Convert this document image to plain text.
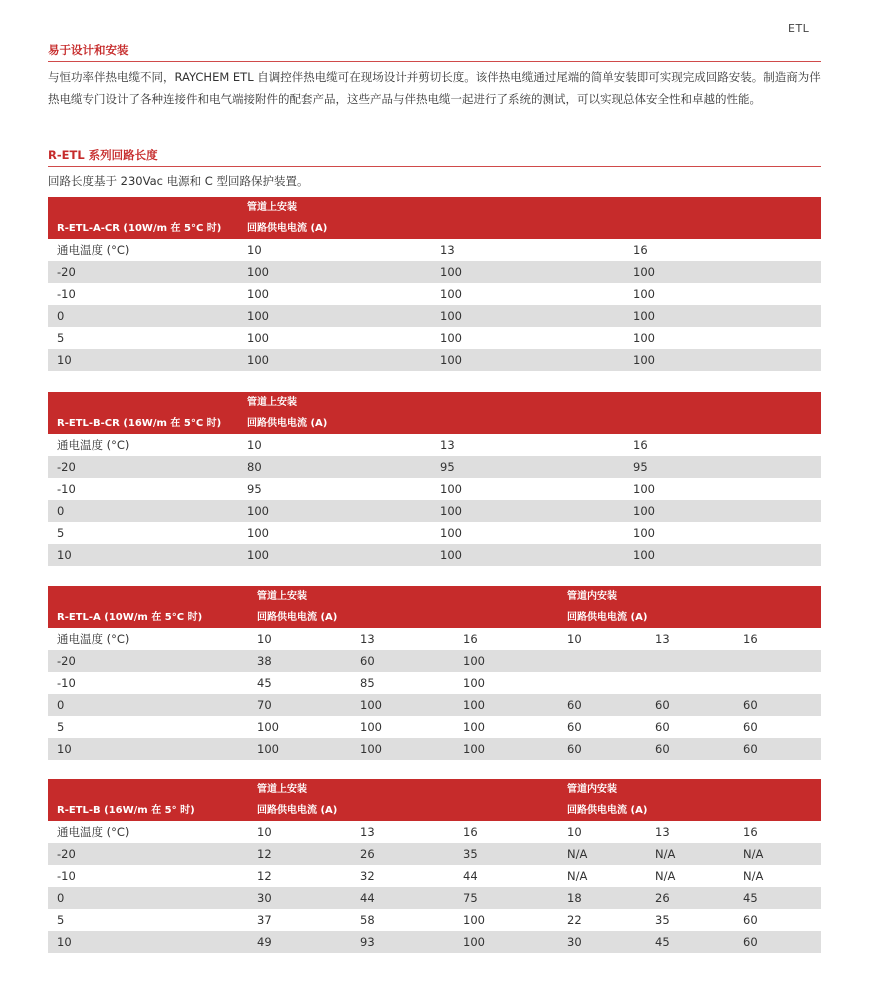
ETL
易于设计和安装
与恒功率伴热电缆不同，RAYCHEM ETL 自调控伴热电缆可在现场设计并剪切长度。该伴热电缆通过尾端的简单安装即可实现完成回路安装。制造商为伴热电缆专门设计了各种连接件和电气端接附件的配套产品，这些产品与伴热电缆一起进行了系统的测试，可以实现总体安全性和卓越的性能。
R-ETL 系列回路长度
回路长度基于 230Vac 电源和 C 型回路保护装置。
	管道上安装		
R-ETL-A-CR (10W/m 在 5°C 时)	回路供电电流 (A)		
通电温度 (°C)	10	13	16
-20	100	100	100
-10	100	100	100
0	100	100	100
5	100	100	100
10	100	100	100
	管道上安装		
R-ETL-B-CR (16W/m 在 5°C 时)	回路供电电流 (A)		
通电温度 (°C)	10	13	16
-20	80	95	95
-10	95	100	100
0	100	100	100
5	100	100	100
10	100	100	100
	管道上安装			管道内安装		
R-ETL-A (10W/m 在 5°C 时)	回路供电电流 (A)			回路供电电流 (A)		
通电温度 (°C)	10	13	16	10	13	16
-20	38	60	100			
-10	45	85	100			
0	70	100	100	60	60	60
5	100	100	100	60	60	60
10	100	100	100	60	60	60
	管道上安装			管道内安装		
R-ETL-B (16W/m 在 5° 时)	回路供电电流 (A)			回路供电电流 (A)		
通电温度 (°C)	10	13	16	10	13	16
-20	12	26	35	N/A	N/A	N/A
-10	12	32	44	N/A	N/A	N/A
0	30	44	75	18	26	45
5	37	58	100	22	35	60
10	49	93	100	30	45	60
